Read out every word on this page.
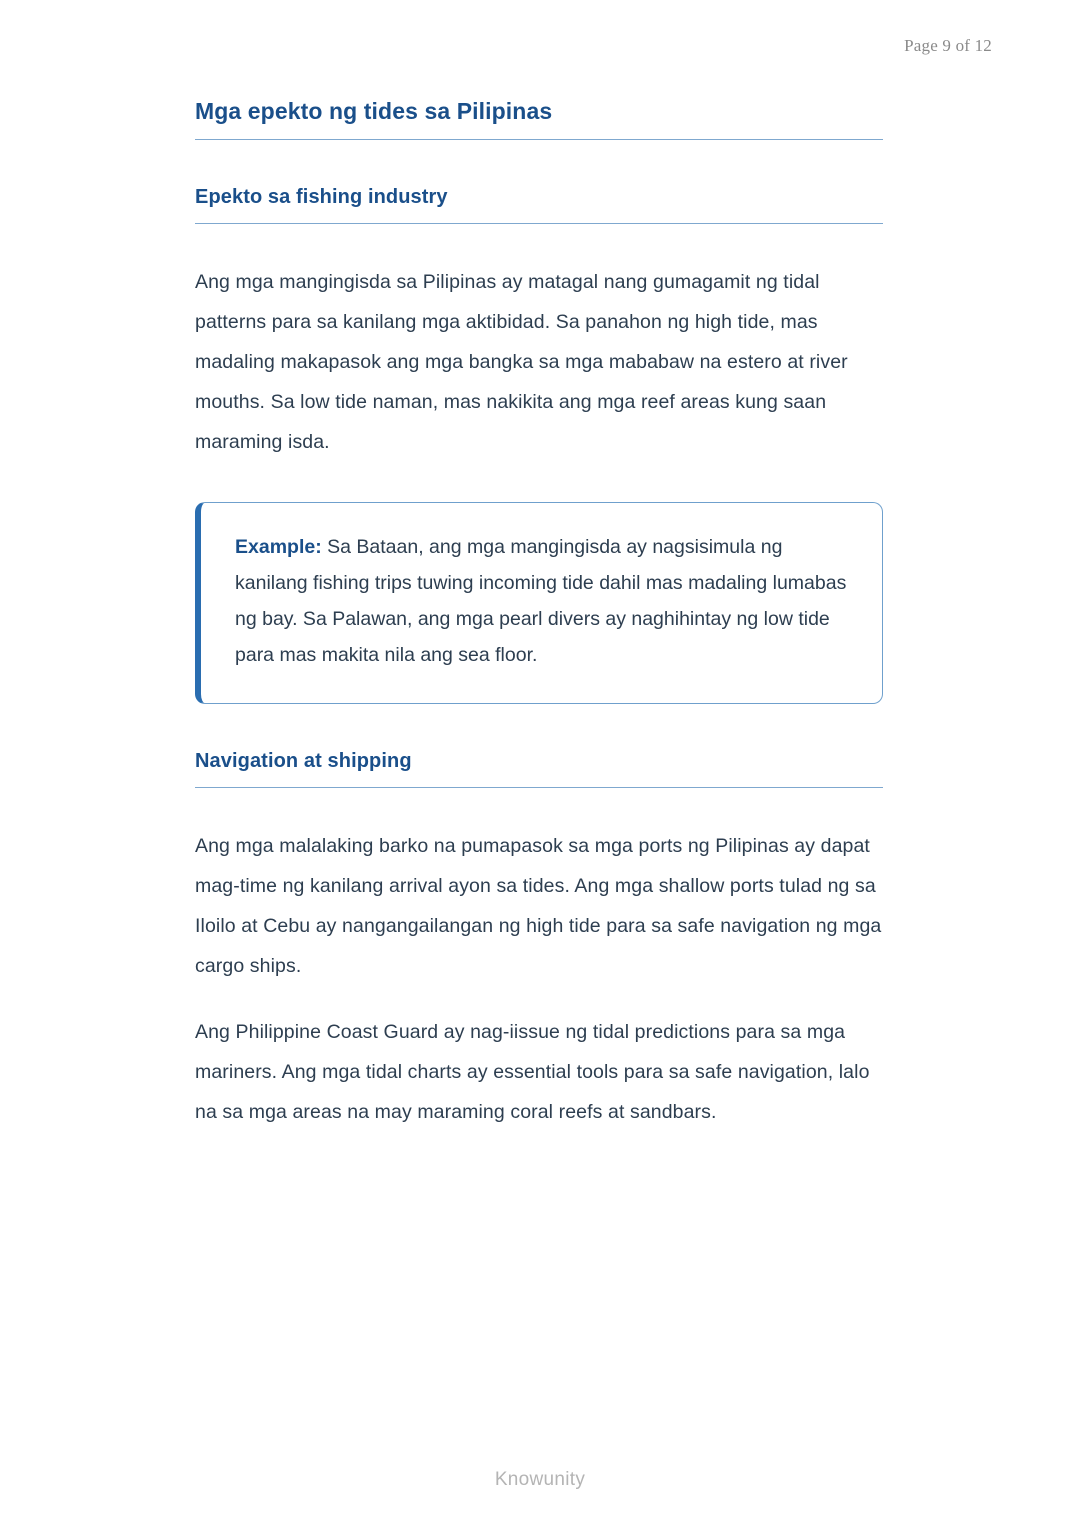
Page 9 of 12
Mga epekto ng tides sa Pilipinas
Epekto sa fishing industry

Ang mga mangingisda sa Pilipinas ay matagal nang gumagamit ng tidal patterns para sa kanilang mga aktibidad. Sa panahon ng high tide, mas madaling makapasok ang mga bangka sa mga mababaw na estero at river mouths. Sa low tide naman, mas nakikita ang mga reef areas kung saan maraming isda.

Example: Sa Bataan, ang mga mangingisda ay nagsisimula ng kanilang fishing trips tuwing incoming tide dahil mas madaling lumabas ng bay. Sa Palawan, ang mga pearl divers ay naghihintay ng low tide para mas makita nila ang sea floor.

Navigation at shipping

Ang mga malalaking barko na pumapasok sa mga ports ng Pilipinas ay dapat mag-time ng kanilang arrival ayon sa tides. Ang mga shallow ports tulad ng sa Iloilo at Cebu ay nangangailangan ng high tide para sa safe navigation ng mga cargo ships.

Ang Philippine Coast Guard ay nag-iissue ng tidal predictions para sa mga mariners. Ang mga tidal charts ay essential tools para sa safe navigation, lalo na sa mga areas na may maraming coral reefs at sandbars.

Knowunity
